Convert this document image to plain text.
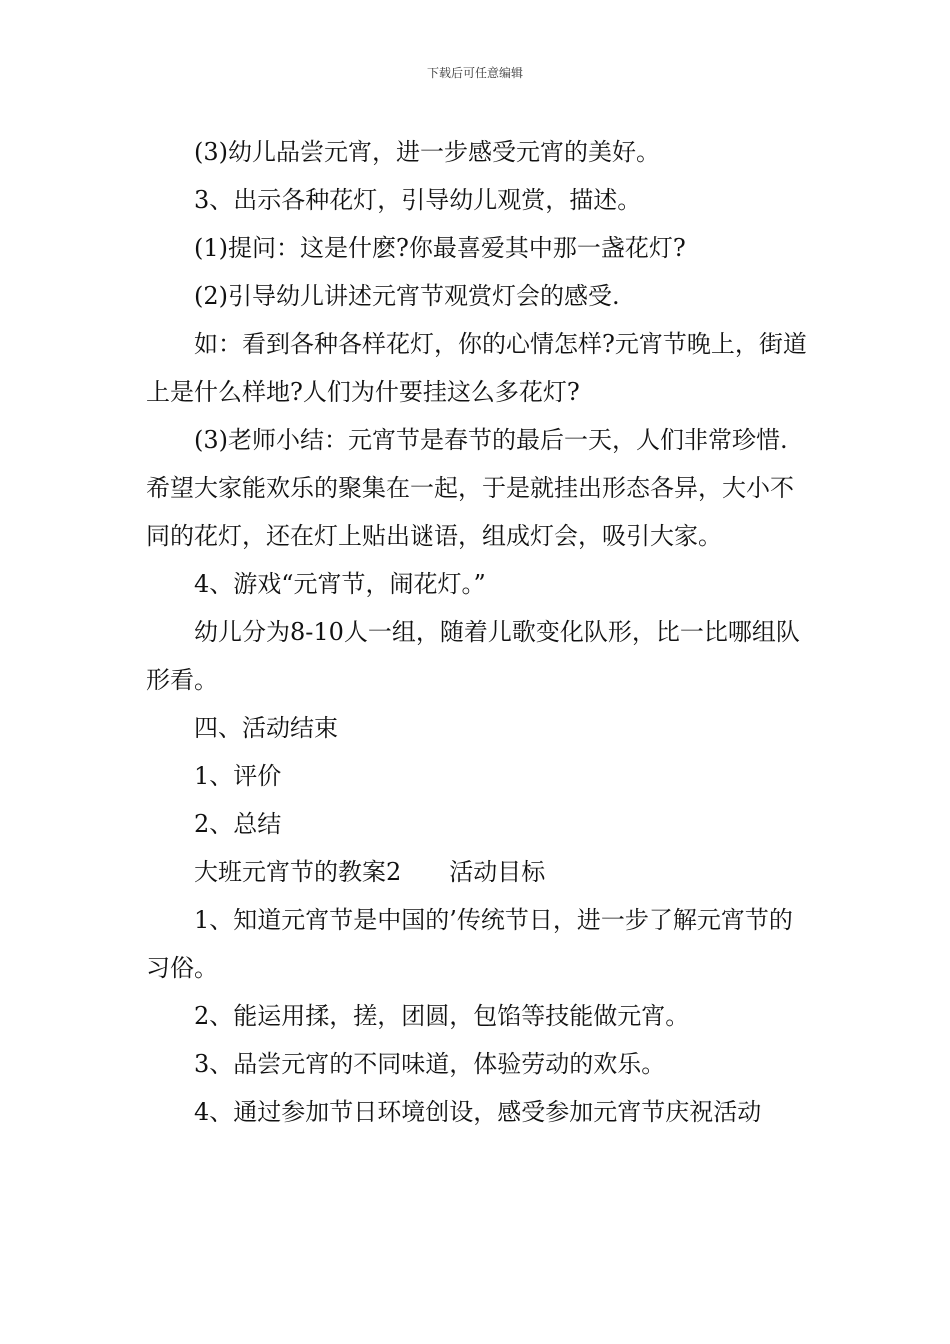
下载后可任意编辑

(3)幼儿品尝元宵，进一步感受元宵的美好。

3、出示各种花灯，引导幼儿观赏，描述。

(1)提问：这是什麽?你最喜爱其中那一盏花灯?

(2)引导幼儿讲述元宵节观赏灯会的感受.

如：看到各种各样花灯，你的心情怎样?元宵节晚上，街道上是什么样地?人们为什要挂这么多花灯?

(3)老师小结：元宵节是春节的最后一天，人们非常珍惜.希望大家能欢乐的聚集在一起，于是就挂出形态各异，大小不同的花灯，还在灯上贴出谜语，组成灯会，吸引大家。

4、游戏“元宵节，闹花灯。”

幼儿分为8-10人一组，随着儿歌变化队形，比一比哪组队形看。

四、活动结束

1、评价

2、总结

大班元宵节的教案2　　活动目标

1、知道元宵节是中国的’传统节日，进一步了解元宵节的习俗。

2、能运用揉，搓，团圆，包馅等技能做元宵。

3、品尝元宵的不同味道，体验劳动的欢乐。

4、通过参加节日环境创设，感受参加元宵节庆祝活动
